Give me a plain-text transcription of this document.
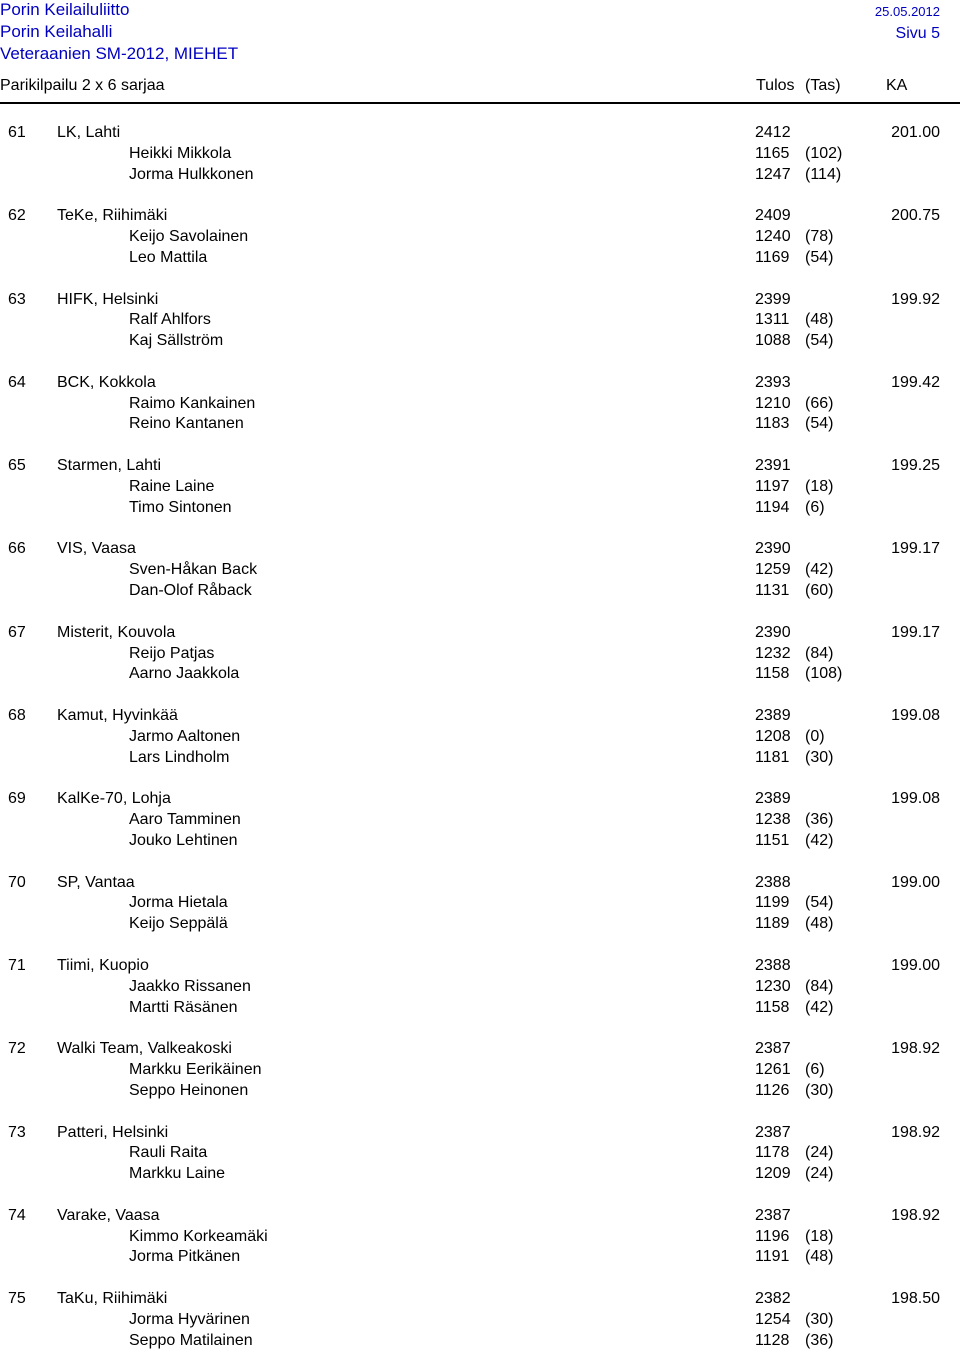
Porin Keilailuliitto
Porin Keilahalli
Veteraanien SM-2012, MIEHET
25.05.2012
Sivu 5
Parikilpailu 2 x 6 sarjaa	Tulos (Tas)	KA
61 LK, Lahti	2412	201.00
Heikki Mikkola	1165 (102)
Jorma Hulkkonen	1247 (114)
62 TeKe, Riihimäki	2409	200.75
Keijo Savolainen	1240 (78)
Leo Mattila	1169 (54)
63 HIFK, Helsinki	2399	199.92
Ralf Ahlfors	1311 (48)
Kaj Sällström	1088 (54)
64 BCK, Kokkola	2393	199.42
Raimo Kankainen	1210 (66)
Reino Kantanen	1183 (54)
65 Starmen, Lahti	2391	199.25
Raine Laine	1197 (18)
Timo Sintonen	1194 (6)
66 VIS, Vaasa	2390	199.17
Sven-Håkan Back	1259 (42)
Dan-Olof Råback	1131 (60)
67 Misterit, Kouvola	2390	199.17
Reijo Patjas	1232 (84)
Aarno Jaakkola	1158 (108)
68 Kamut, Hyvinkää	2389	199.08
Jarmo Aaltonen	1208 (0)
Lars Lindholm	1181 (30)
69 KalKe-70, Lohja	2389	199.08
Aaro Tamminen	1238 (36)
Jouko Lehtinen	1151 (42)
70 SP, Vantaa	2388	199.00
Jorma Hietala	1199 (54)
Keijo Seppälä	1189 (48)
71 Tiimi, Kuopio	2388	199.00
Jaakko Rissanen	1230 (84)
Martti Räsänen	1158 (42)
72 Walki Team, Valkeakoski	2387	198.92
Markku Eerikäinen	1261 (6)
Seppo Heinonen	1126 (30)
73 Patteri, Helsinki	2387	198.92
Rauli Raita	1178 (24)
Markku Laine	1209 (24)
74 Varake, Vaasa	2387	198.92
Kimmo Korkeamäki	1196 (18)
Jorma Pitkänen	1191 (48)
75 TaKu, Riihimäki	2382	198.50
Jorma Hyvärinen	1254 (30)
Seppo Matilainen	1128 (36)
